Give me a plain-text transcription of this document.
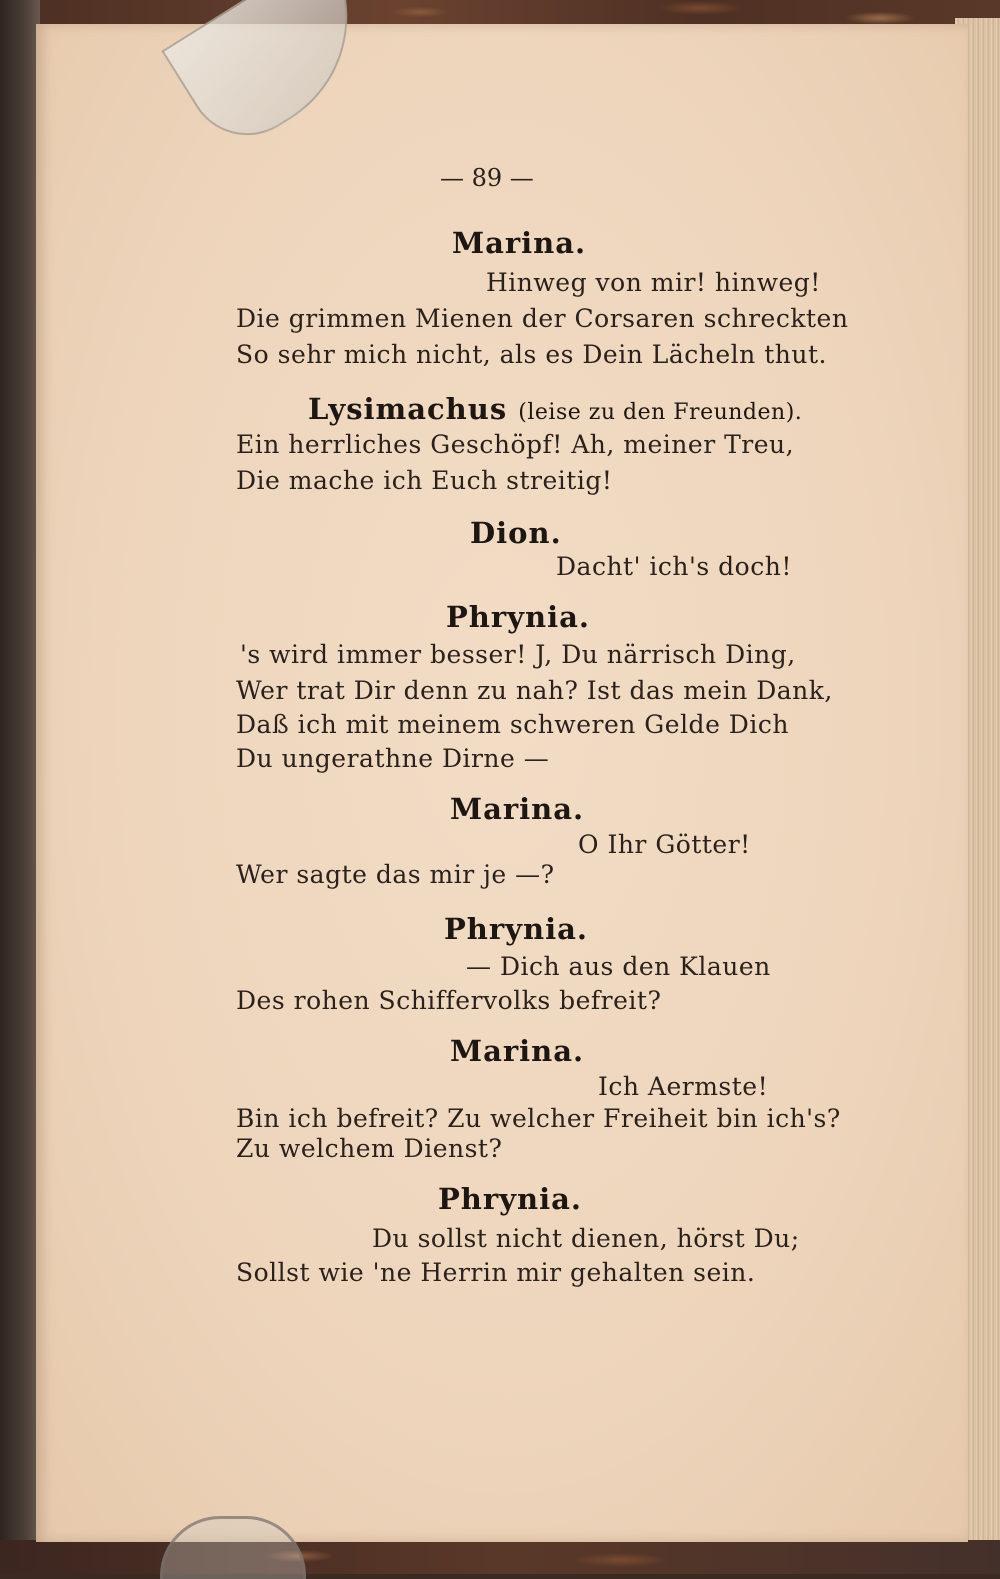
— 89 —
Marina.
Hinweg von mir! hinweg!
Die grimmen Mienen der Corsaren schreckten
So sehr mich nicht, als es Dein Lächeln thut.
Lysimachus (leise zu den Freunden).
Ein herrliches Geschöpf! Ah, meiner Treu,
Die mache ich Euch streitig!
Dion.
Dacht' ich's doch!
Phrynia.
's wird immer besser! J, Du närrisch Ding,
Wer trat Dir denn zu nah? Ist das mein Dank,
Daß ich mit meinem schweren Gelde Dich
Du ungerathne Dirne —
Marina.
O Ihr Götter!
Wer sagte das mir je —?
Phrynia.
— Dich aus den Klauen
Des rohen Schiffervolks befreit?
Marina.
Ich Aermste!
Bin ich befreit? Zu welcher Freiheit bin ich's?
Zu welchem Dienst?
Phrynia.
Du sollst nicht dienen, hörst Du;
Sollst wie 'ne Herrin mir gehalten sein.
